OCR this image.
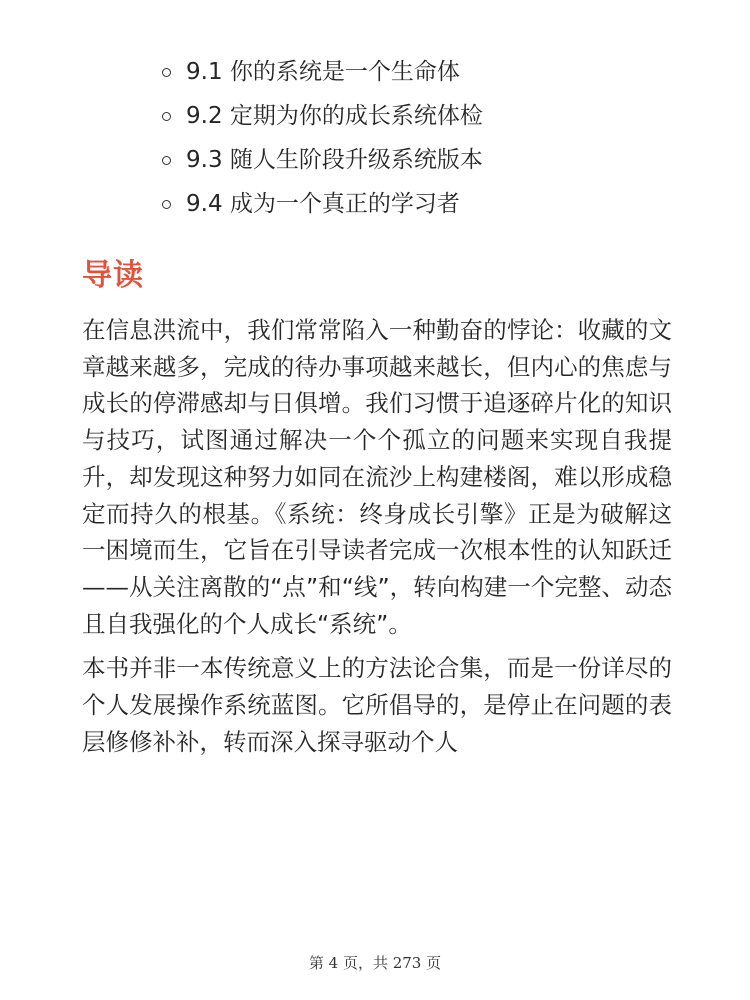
9.1 你的系统是一个生命体
9.2 定期为你的成长系统体检
9.3 随人生阶段升级系统版本
9.4 成为一个真正的学习者
导读

在信息洪流中，我们常常陷入一种勤奋的悖论：收藏的文章越来越多，完成的待办事项越来越长，但内心的焦虑与成长的停滞感却与日俱增。我们习惯于追逐碎片化的知识与技巧，试图通过解决一个个孤立的问题来实现自我提升，却发现这种努力如同在流沙上构建楼阁，难以形成稳定而持久的根基。《系统：终身成长引擎》正是为破解这一困境而生，它旨在引导读者完成一次根本性的认知跃迁——从关注离散的“点”和“线”，转向构建一个完整、动态且自我强化的个人成长“系统”。

本书并非一本传统意义上的方法论合集，而是一份详尽的个人发展操作系统蓝图。它所倡导的，是停止在问题的表层修修补补，转而深入探寻驱动个人

第 4 页，共 273 页
